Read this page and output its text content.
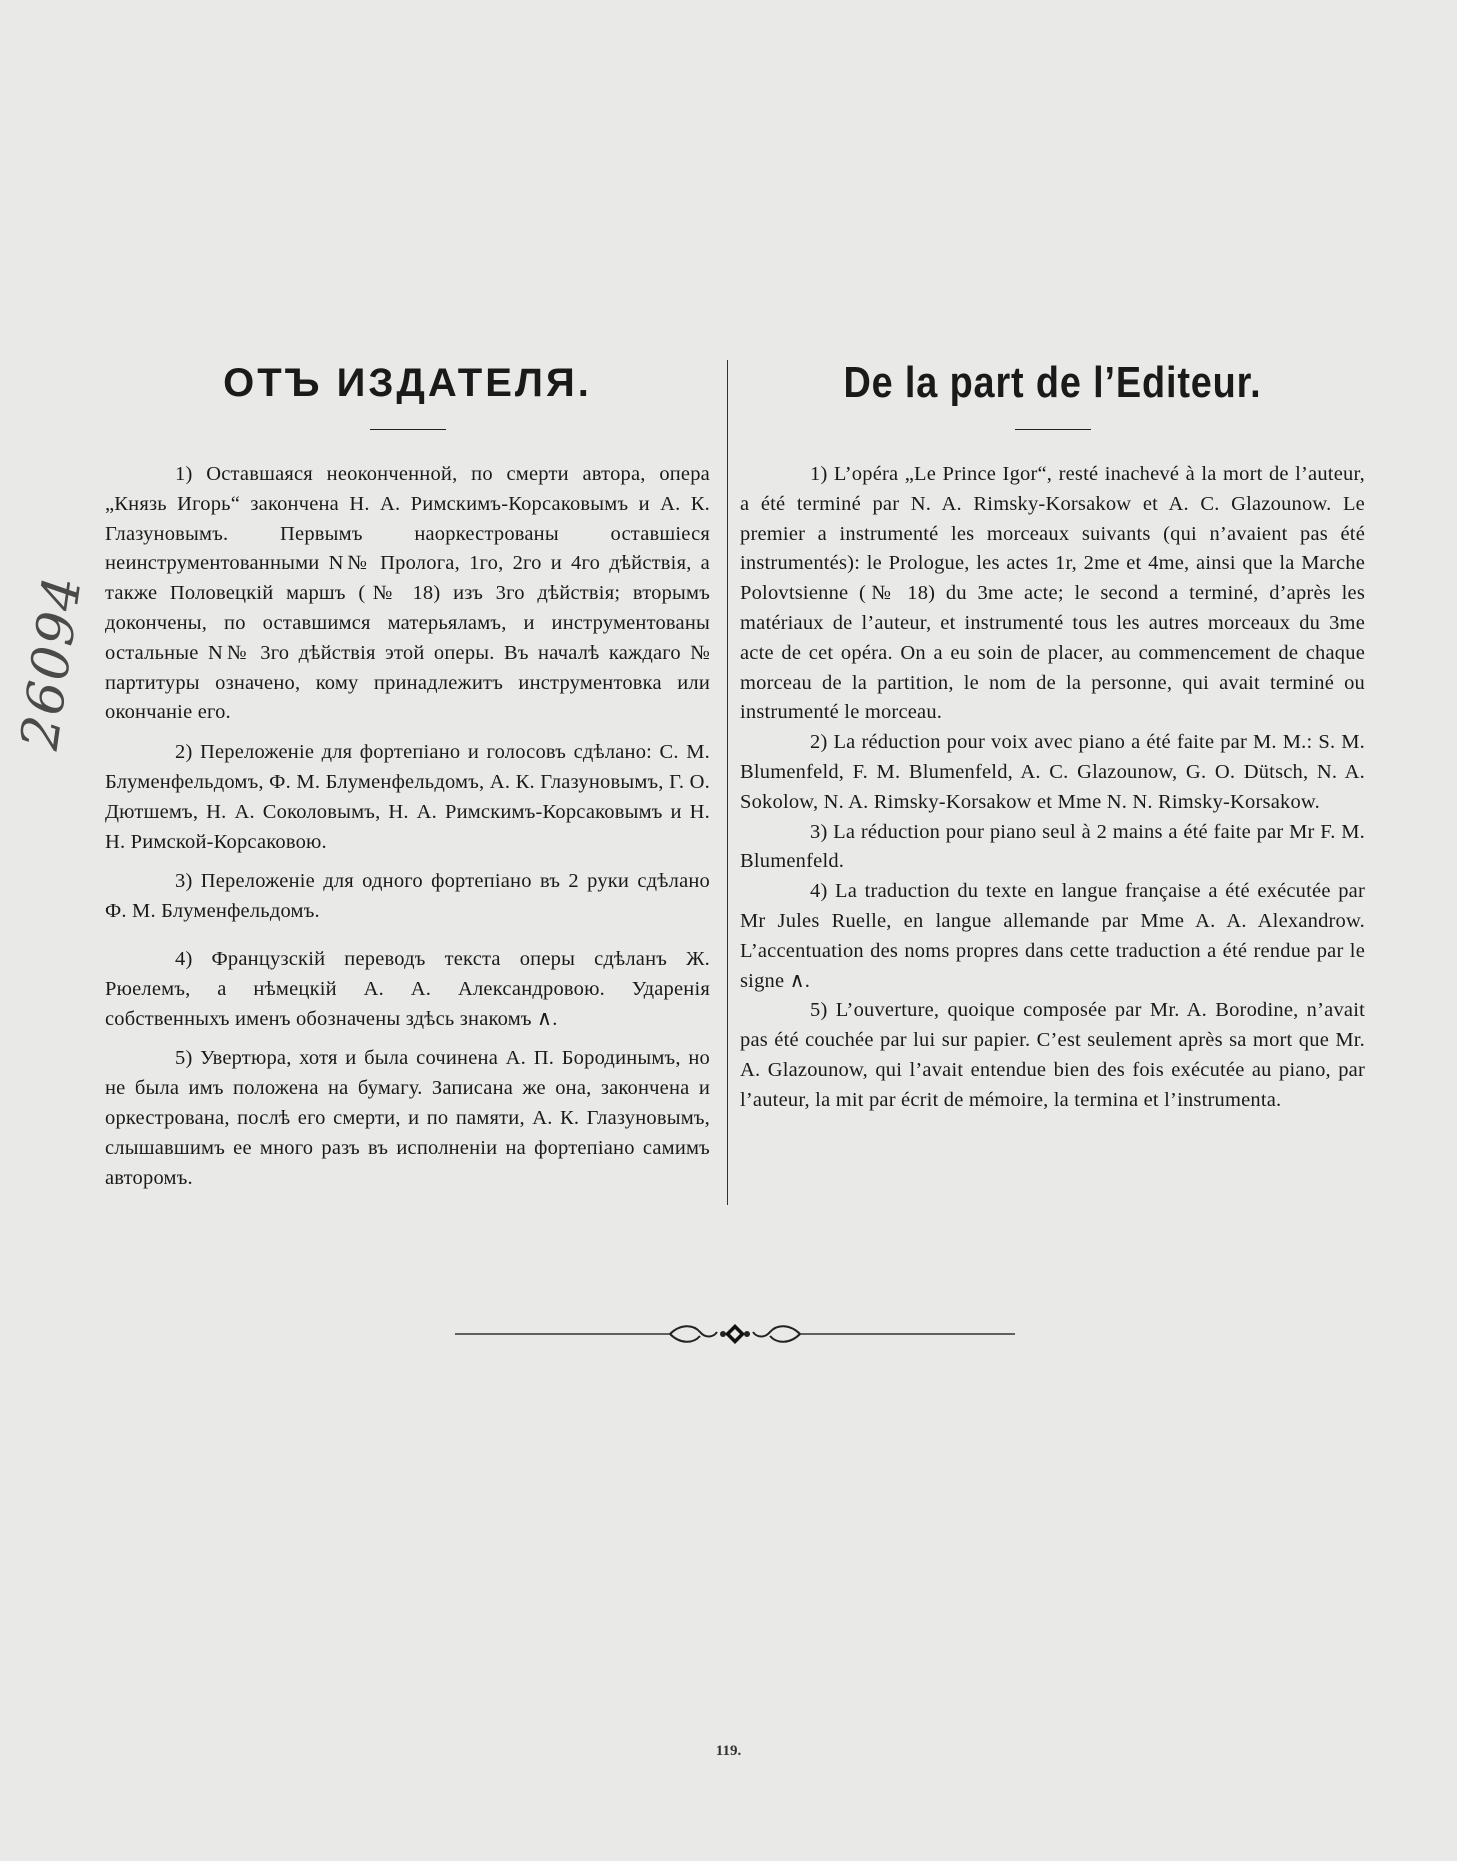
26094
ОТЪ ИЗДАТЕЛЯ.

1) Оставшаяся неоконченной, по смерти автора, опера „Князь Игорь“ закончена Н. А. Римскимъ-Корсаковымъ и А. К. Глазуновымъ. Первымъ наоркестрованы оставшіеся неинструментованными N№ Пролога, 1го, 2го и 4го дѣйствія, а также Половецкій маршъ (№ 18) изъ 3го дѣйствія; вторымъ докончены, по оставшимся матерьяламъ, и инструментованы остальные N№ 3го дѣйствія этой оперы. Въ началѣ каждаго № партитуры означено, кому принадлежитъ инструментовка или окончаніе его.

2) Переложеніе для фортепіано и голосовъ сдѣлано: С. М. Блуменфельдомъ, Ф. М. Блуменфельдомъ, А. К. Глазуновымъ, Г. О. Дютшемъ, Н. А. Соколовымъ, Н. А. Римскимъ-Корсаковымъ и Н. Н. Римской-Корсаковою.

3) Переложеніе для одного фортепіано въ 2 руки сдѣлано Ф. М. Блуменфельдомъ.

4) Французскій переводъ текста оперы сдѣланъ Ж. Рюелемъ, а нѣмецкій А. А. Александровою. Ударенія собственныхъ именъ обозначены здѣсь знакомъ ∧.

5) Увертюра, хотя и была сочинена А. П. Бородинымъ, но не была имъ положена на бумагу. Записана же она, закончена и оркестрована, послѣ его смерти, и по памяти, А. К. Глазуновымъ, слышавшимъ ее много разъ въ исполненіи на фортепіано самимъ авторомъ.

De la part de l’Editeur.

1) L’opéra „Le Prince Igor“, resté inachevé à la mort de l’auteur, a été terminé par N. A. Rimsky-Korsakow et A. C. Glazounow. Le premier a instrumenté les morceaux suivants (qui n’avaient pas été instrumentés): le Prologue, les actes 1r, 2me et 4me, ainsi que la Marche Polovtsienne (№ 18) du 3me acte; le second a terminé, d’après les matériaux de l’auteur, et instrumenté tous les autres morceaux du 3me acte de cet opéra. On a eu soin de placer, au commencement de chaque morceau de la partition, le nom de la personne, qui avait terminé ou instrumenté le morceau.

2) La réduction pour voix avec piano a été faite par M. M.: S. M. Blumenfeld, F. M. Blumenfeld, A. C. Glazounow, G. O. Dütsch, N. A. Sokolow, N. A. Rimsky-Korsakow et Mme N. N. Rimsky-Korsakow.

3) La réduction pour piano seul à 2 mains a été faite par Mr F. M. Blumenfeld.

4) La traduction du texte en langue française a été exécutée par Mr Jules Ruelle, en langue allemande par Mme A. A. Alexandrow. L’accentuation des noms propres dans cette traduction a été rendue par le signe ∧.

5) L’ouverture, quoique composée par Mr. A. Borodine, n’avait pas été couchée par lui sur papier. C’est seulement après sa mort que Mr. A. Glazounow, qui l’avait entendue bien des fois exécutée au piano, par l’auteur, la mit par écrit de mémoire, la termina et l’instrumenta.

119.
